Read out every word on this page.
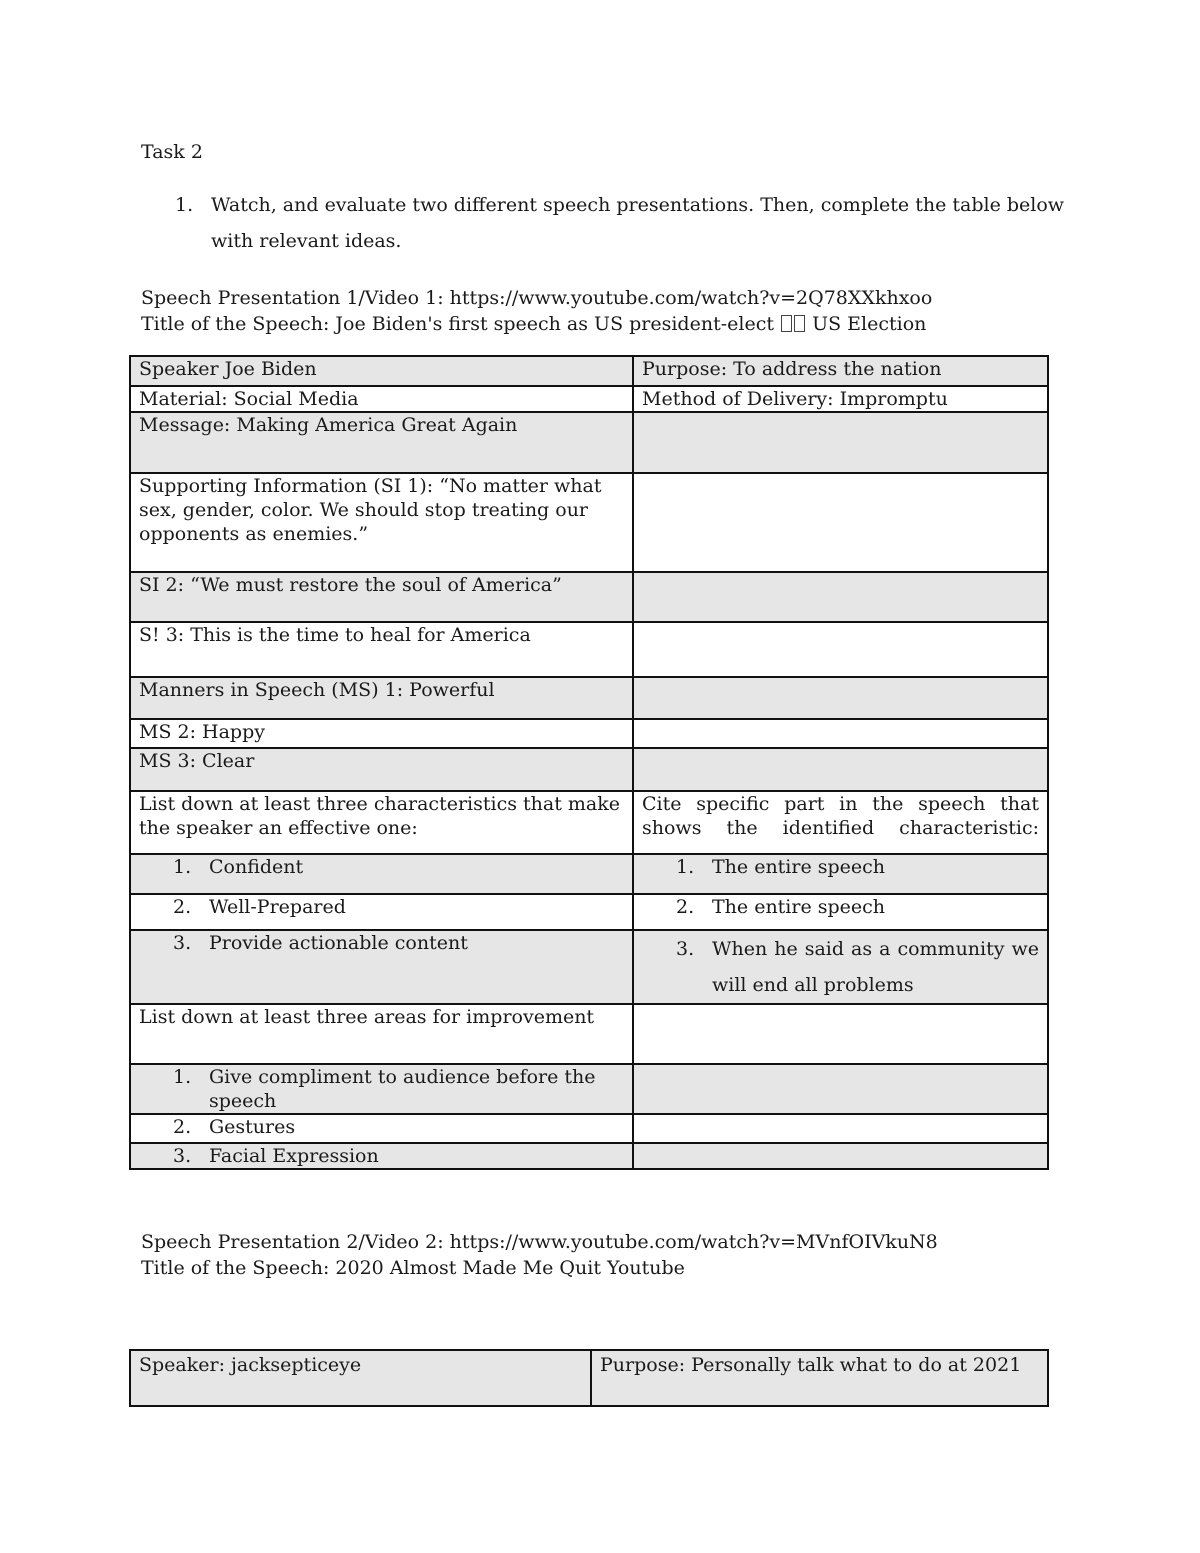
Task 2
1. Watch, and evaluate two different speech presentations. Then, complete the table below
with relevant ideas.
Speech Presentation 1/Video 1: https://www.youtube.com/watch?v=2Q78XXkhxoo
Title of the Speech: Joe Biden's first speech as US president-elect US Election
Speaker Joe Biden	Purpose: To address the nation
Material: Social Media	Method of Delivery: Impromptu
Message: Making America Great Again	
Supporting Information (SI 1): “No matter what sex, gender, color. We should stop treating our opponents as enemies.”	
SI 2: “We must restore the soul of America”	
S! 3: This is the time to heal for America	
Manners in Speech (MS) 1: Powerful	
MS 2: Happy	
MS 3: Clear	
List down at least three characteristics that make the speaker an effective one:	Cite specific part in the speech that shows the identified characteristic:

1. Confident	1. The entire speech

2. Well-Prepared	2. The entire speech

3. Provide actionable content	3. When he said as a community we will end all problems

List down at least three areas for improvement	

1. Give compliment to audience before the speech	

2. Gestures	

3. Facial Expression	

Speech Presentation 2/Video 2: https://www.youtube.com/watch?v=MVnfOIVkuN8
Title of the Speech: 2020 Almost Made Me Quit Youtube
Speaker: jacksepticeye	Purpose: Personally talk what to do at 2021
